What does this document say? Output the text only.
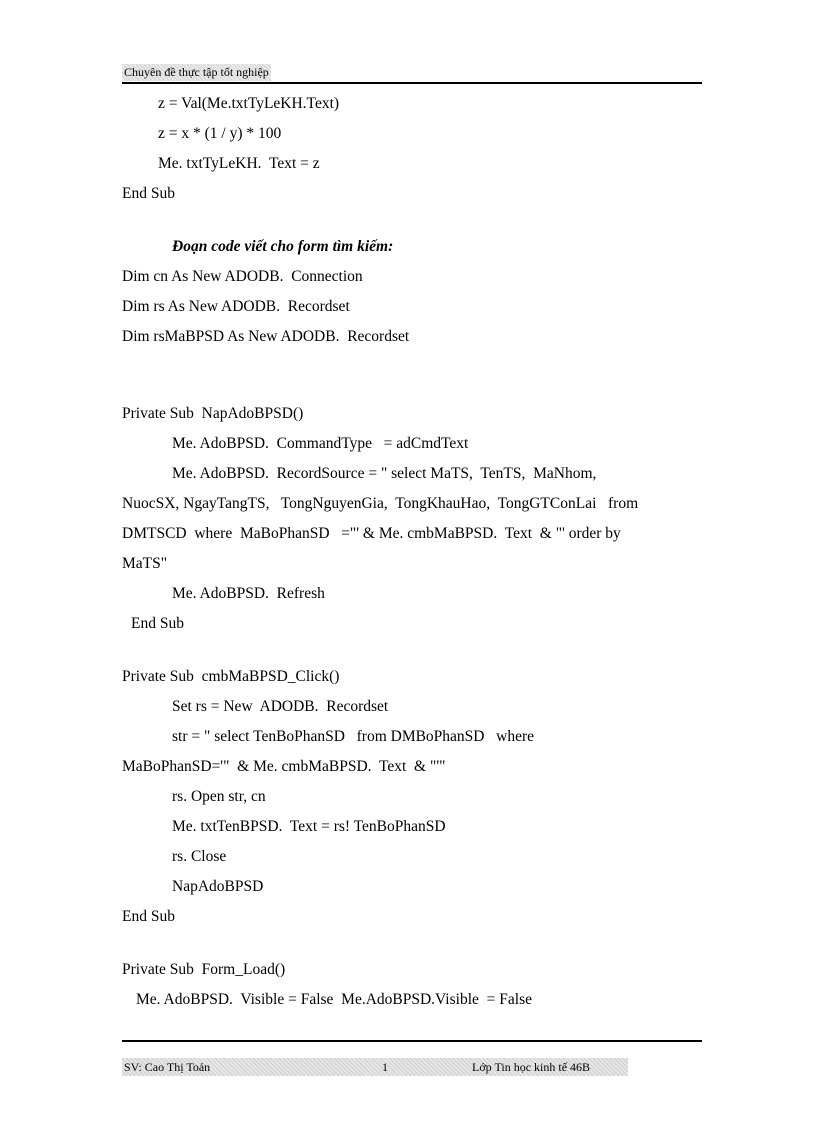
Chuyên đề thực tập tốt nghiệp
z = Val(Me.txtTyLeKH.Text)
z = x * (1 / y) * 100
Me. txtTyLeKH.  Text = z
End Sub
Đoạn code viết cho form tìm kiếm:
Dim cn As New ADODB.  Connection
Dim rs As New ADODB.  Recordset
Dim rsMaBPSD As New ADODB.  Recordset
Private Sub  NapAdoBPSD()
Me. AdoBPSD.  CommandType   = adCmdText
Me. AdoBPSD.  RecordSource = " select MaTS,  TenTS,  MaNhom,
NuocSX, NgayTangTS,   TongNguyenGia,  TongKhauHao,  TongGTConLai   from
DMTSCD  where  MaBoPhanSD   ="' & Me. cmbMaBPSD.  Text  & "' order by
MaTS"
Me. AdoBPSD.  Refresh
End Sub
Private Sub  cmbMaBPSD_Click()
Set rs = New  ADODB.  Recordset
str = " select TenBoPhanSD   from DMBoPhanSD   where
MaBoPhanSD='"  & Me. cmbMaBPSD.  Text  & "'"
rs. Open str, cn
Me. txtTenBPSD.  Text = rs! TenBoPhanSD
rs. Close
NapAdoBPSD
End Sub
Private Sub  Form_Load()
Me. AdoBPSD.  Visible = False  Me.AdoBPSD.Visible  = False
SV: Cao Thị Toản	1	Lớp Tin học kinh tế 46B
